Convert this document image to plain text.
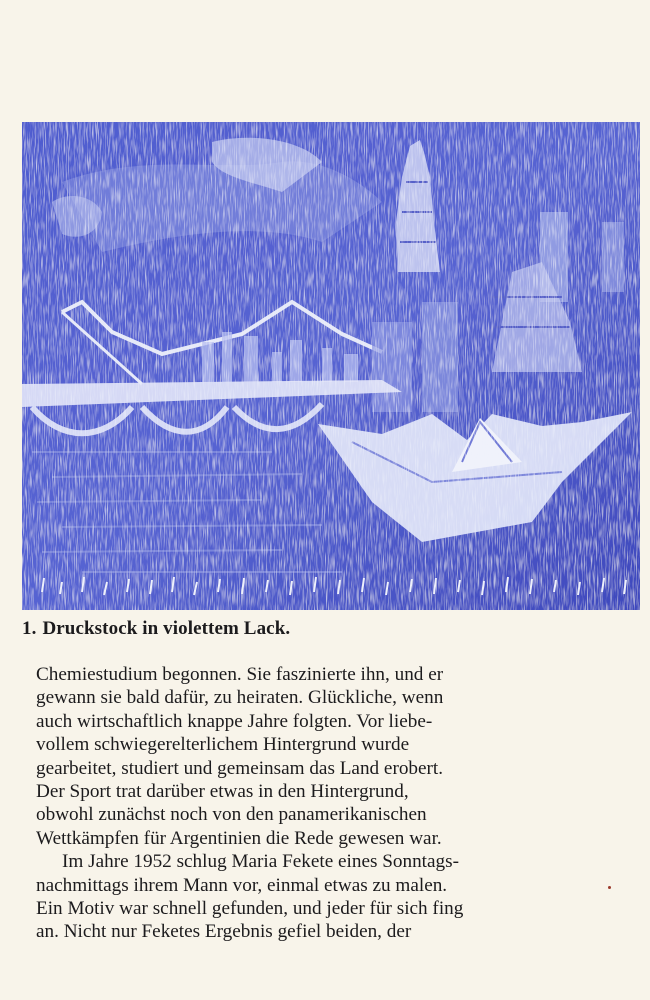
1. Druckstock in violettem Lack.
Chemiestudium begonnen. Sie faszinierte ihn, und er
gewann sie bald dafür, zu heiraten. Glückliche, wenn
auch wirtschaftlich knappe Jahre folgten. Vor liebe-
vollem schwiegerelterlichem Hintergrund wurde
gearbeitet, studiert und gemeinsam das Land erobert.
Der Sport trat darüber etwas in den Hintergrund,
obwohl zunächst noch von den panamerikanischen
Wettkämpfen für Argentinien die Rede gewesen war.
Im Jahre 1952 schlug Maria Fekete eines Sonntags-
nachmittags ihrem Mann vor, einmal etwas zu malen.
Ein Motiv war schnell gefunden, und jeder für sich fing
an. Nicht nur Feketes Ergebnis gefiel beiden, der
